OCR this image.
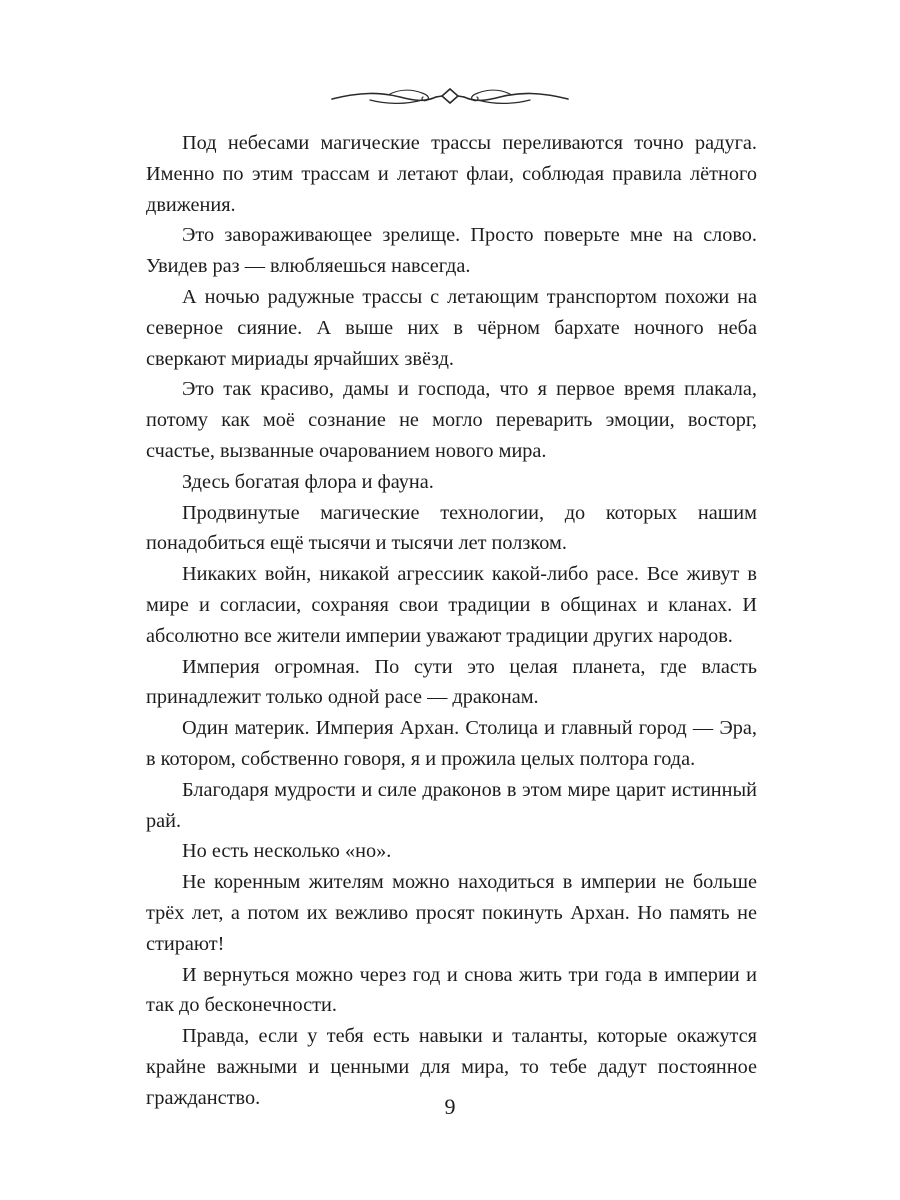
Под небесами магические трассы переливаются точно радуга. Именно по этим трассам и летают флаи, соблюдая правила лётного движения.

Это завораживающее зрелище. Просто поверьте мне на слово. Увидев раз — влюбляешься навсегда.

А ночью радужные трассы с летающим транспортом похожи на северное сияние. А выше них в чёрном бархате ночного неба сверкают мириады ярчайших звёзд.

Это так красиво, дамы и господа, что я первое время плакала, потому как моё сознание не могло переварить эмоции, восторг, счастье, вызванные очарованием нового мира.

Здесь богатая флора и фауна.

Продвинутые магические технологии, до которых нашим понадобиться ещё тысячи и тысячи лет ползком.

Никаких войн, никакой агрессиик какой-либо расе. Все живут в мире и согласии, сохраняя свои традиции в общинах и кланах. И абсолютно все жители империи уважают традиции других народов.

Империя огромная. По сути это целая планета, где власть принадлежит только одной расе — драконам.

Один материк. Империя Архан. Столица и главный город — Эра, в котором, собственно говоря, я и прожила целых полтора года.

Благодаря мудрости и силе драконов в этом мире царит истинный рай.

Но есть несколько «но».

Не коренным жителям можно находиться в империи не больше трёх лет, а потом их вежливо просят покинуть Архан. Но память не стирают!

И вернуться можно через год и снова жить три года в империи и так до бесконечности.

Правда, если у тебя есть навыки и таланты, которые окажутся крайне важными и ценными для мира, то тебе дадут постоянное гражданство.	9
